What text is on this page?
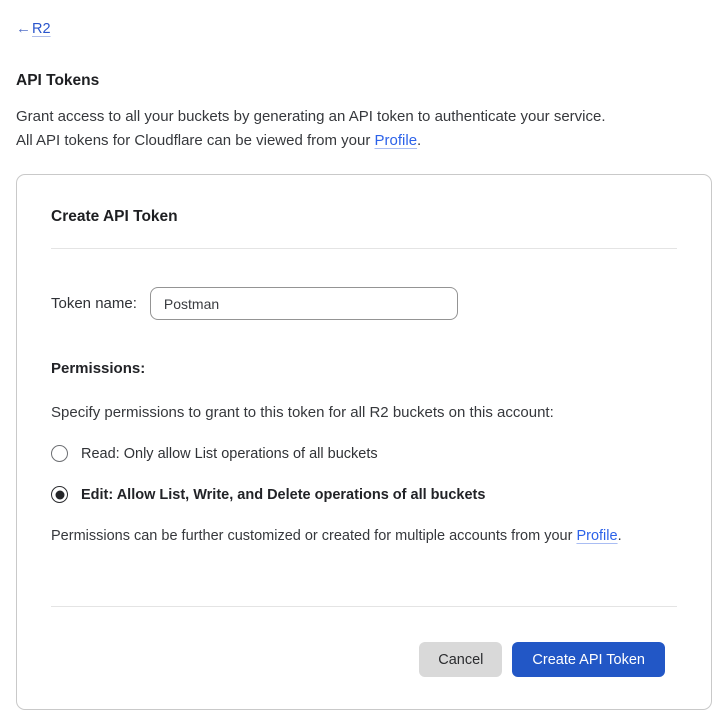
← R2
API Tokens
Grant access to all your buckets by generating an API token to authenticate your service.
All API tokens for Cloudflare can be viewed from your Profile.
Create API Token
Token name:
Postman
Permissions:
Specify permissions to grant to this token for all R2 buckets on this account:
Read: Only allow List operations of all buckets
Edit: Allow List, Write, and Delete operations of all buckets
Permissions can be further customized or created for multiple accounts from your Profile.
Cancel	Create API Token
